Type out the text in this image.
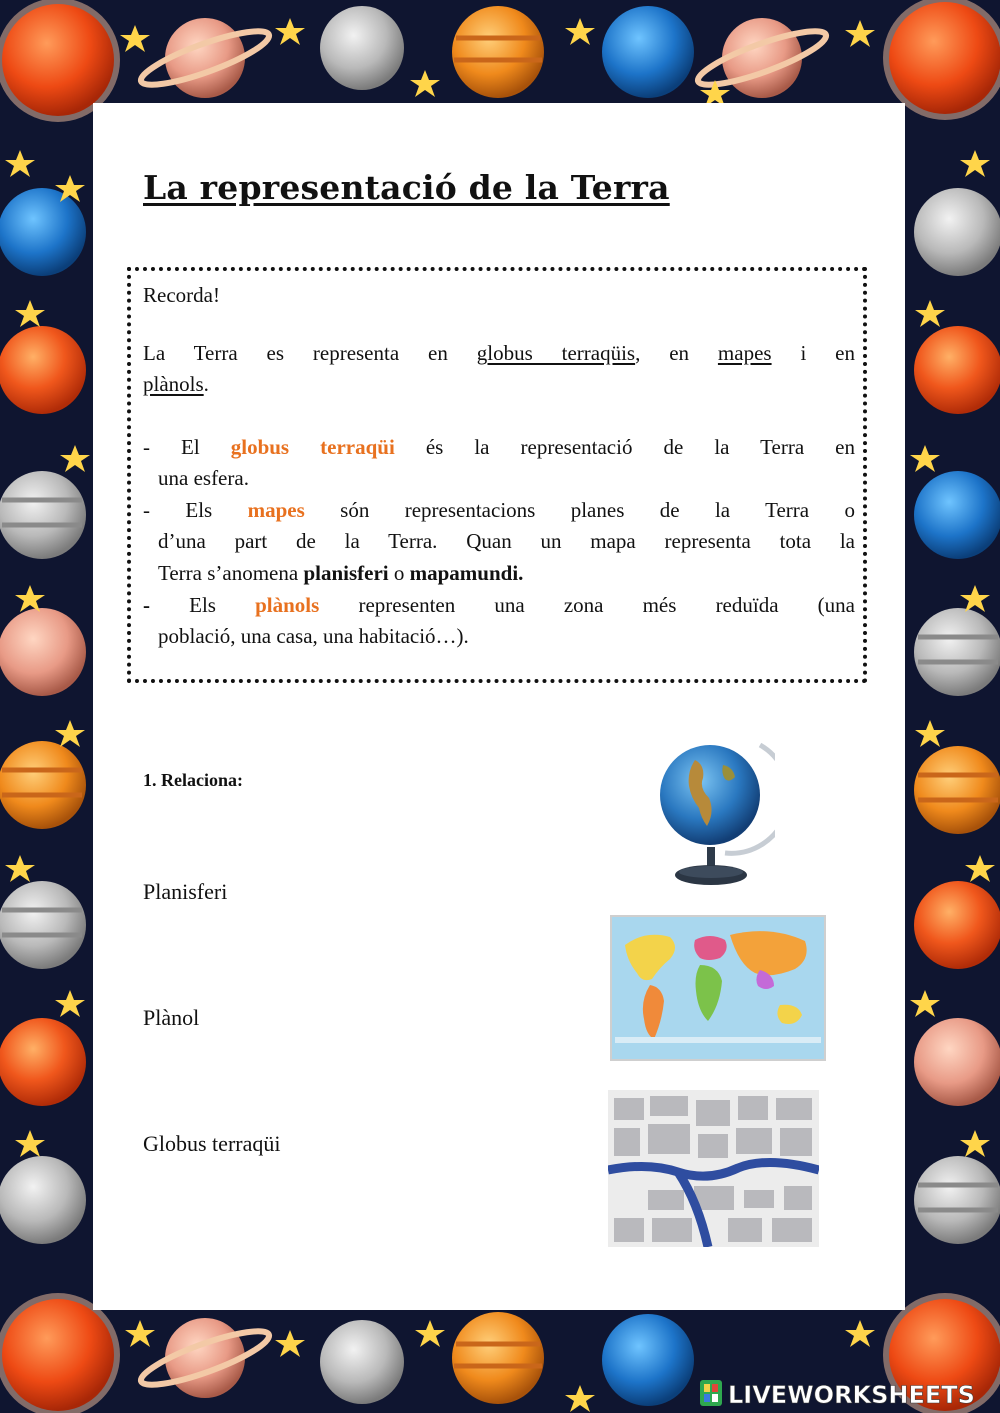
La representació de la Terra
Recorda!
La Terra es representa en globus terraqüis, en mapes i en
plànols.
- El globus terraqüi és la representació de la Terra en
una esfera.
- Els mapes són representacions planes de la Terra o
d’una part de la Terra. Quan un mapa representa tota la
Terra s’anomena planisferi o mapamundi.
- Els plànols representen una zona més reduïda (una
població, una casa, una habitació…).
1. Relaciona:
Planisferi
Plànol
Globus terraqüi
LIVEWORKSHEETS
